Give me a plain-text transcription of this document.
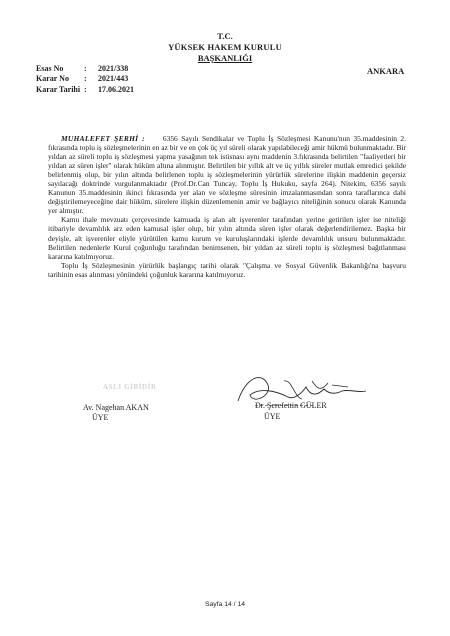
T.C.
YÜKSEK HAKEM KURULU
BAŞKANLIĞI
Esas No	: 2021/338
Karar No : 2021/443
Karar Tarihi : 17.06.2021
ANKARA

MUHALEFET ŞERHİ : 6356 Sayılı Sendikalar ve Toplu İş Sözleşmesi Kanunu'nun 35.maddesinin 2. fıkrasında toplu iş sözleşmelerinin en az bir ve en çok üç yıl süreli olarak yapılabileceği amir hükmü bulunmaktadır. Bir yıldan az süreli toplu iş sözleşmesi yapma yasağının tek istisnası aynı maddenin 3.fıkrasında belirtilen "faaliyetleri bir yıldan az süren işler" olarak hüküm altına alınmıştır. Belirtilen bir yıllık alt ve üç yıllık süreler mutlak emredici şekilde belirlenmiş olup, bir yılın altında belirlenen toplu iş sözleşmelerinin yürürlük sürelerine ilişkin maddenin geçersiz sayılacağı doktrinde vurgulanmaktadır (Prof.Dr.Can Tuncay, Toplu İş Hukuku, sayfa 264). Nitekim, 6356 sayılı Kanunun 35.maddesinin ikinci fıkrasında yer alan ve sözleşme süresinin imzalanmasından sonra taraflarınca dahi değiştirilemeyeceğine dair hüküm, sürelere ilişkin düzenlemenin amir ve bağlayıcı niteliğinin sonucu olarak Kanunda yer almıştır.

Kamu ihale mevzuatı çerçevesinde kamuada iş alan alt işverenler tarafından yerine getirilen işler ise niteliği itibariyle devamlılık arz eden kamusal işler olup, bir yılın altında süren işler olarak değerlendirilemez. Başka bir deyişle, alt işverenler eliyle yürütülen kamu kurum ve kuruluşlarındaki işlerde devamlılık unsuru bulunmaktadır. Belirtilen nedenlerle Kurul çoğunluğu tarafından benimsenen, bir yıldan az süreli toplu iş sözleşmesi bağıtlanması kararına katılmıyoruz.

Toplu İş Sözleşmesinin yürürlük başlangıç tarihi olarak "Çalışma ve Sosyal Güvenlik Bakanlığı'na başvuru tarihinin esas alınması yönündeki çoğunluk kararına katılmıyoruz.

ASLI GİBİDİR
Av. Nagehan AKAN
ÜYE
Dr. Şerefettin GÜLER
ÜYE
Sayfa 14 / 14
